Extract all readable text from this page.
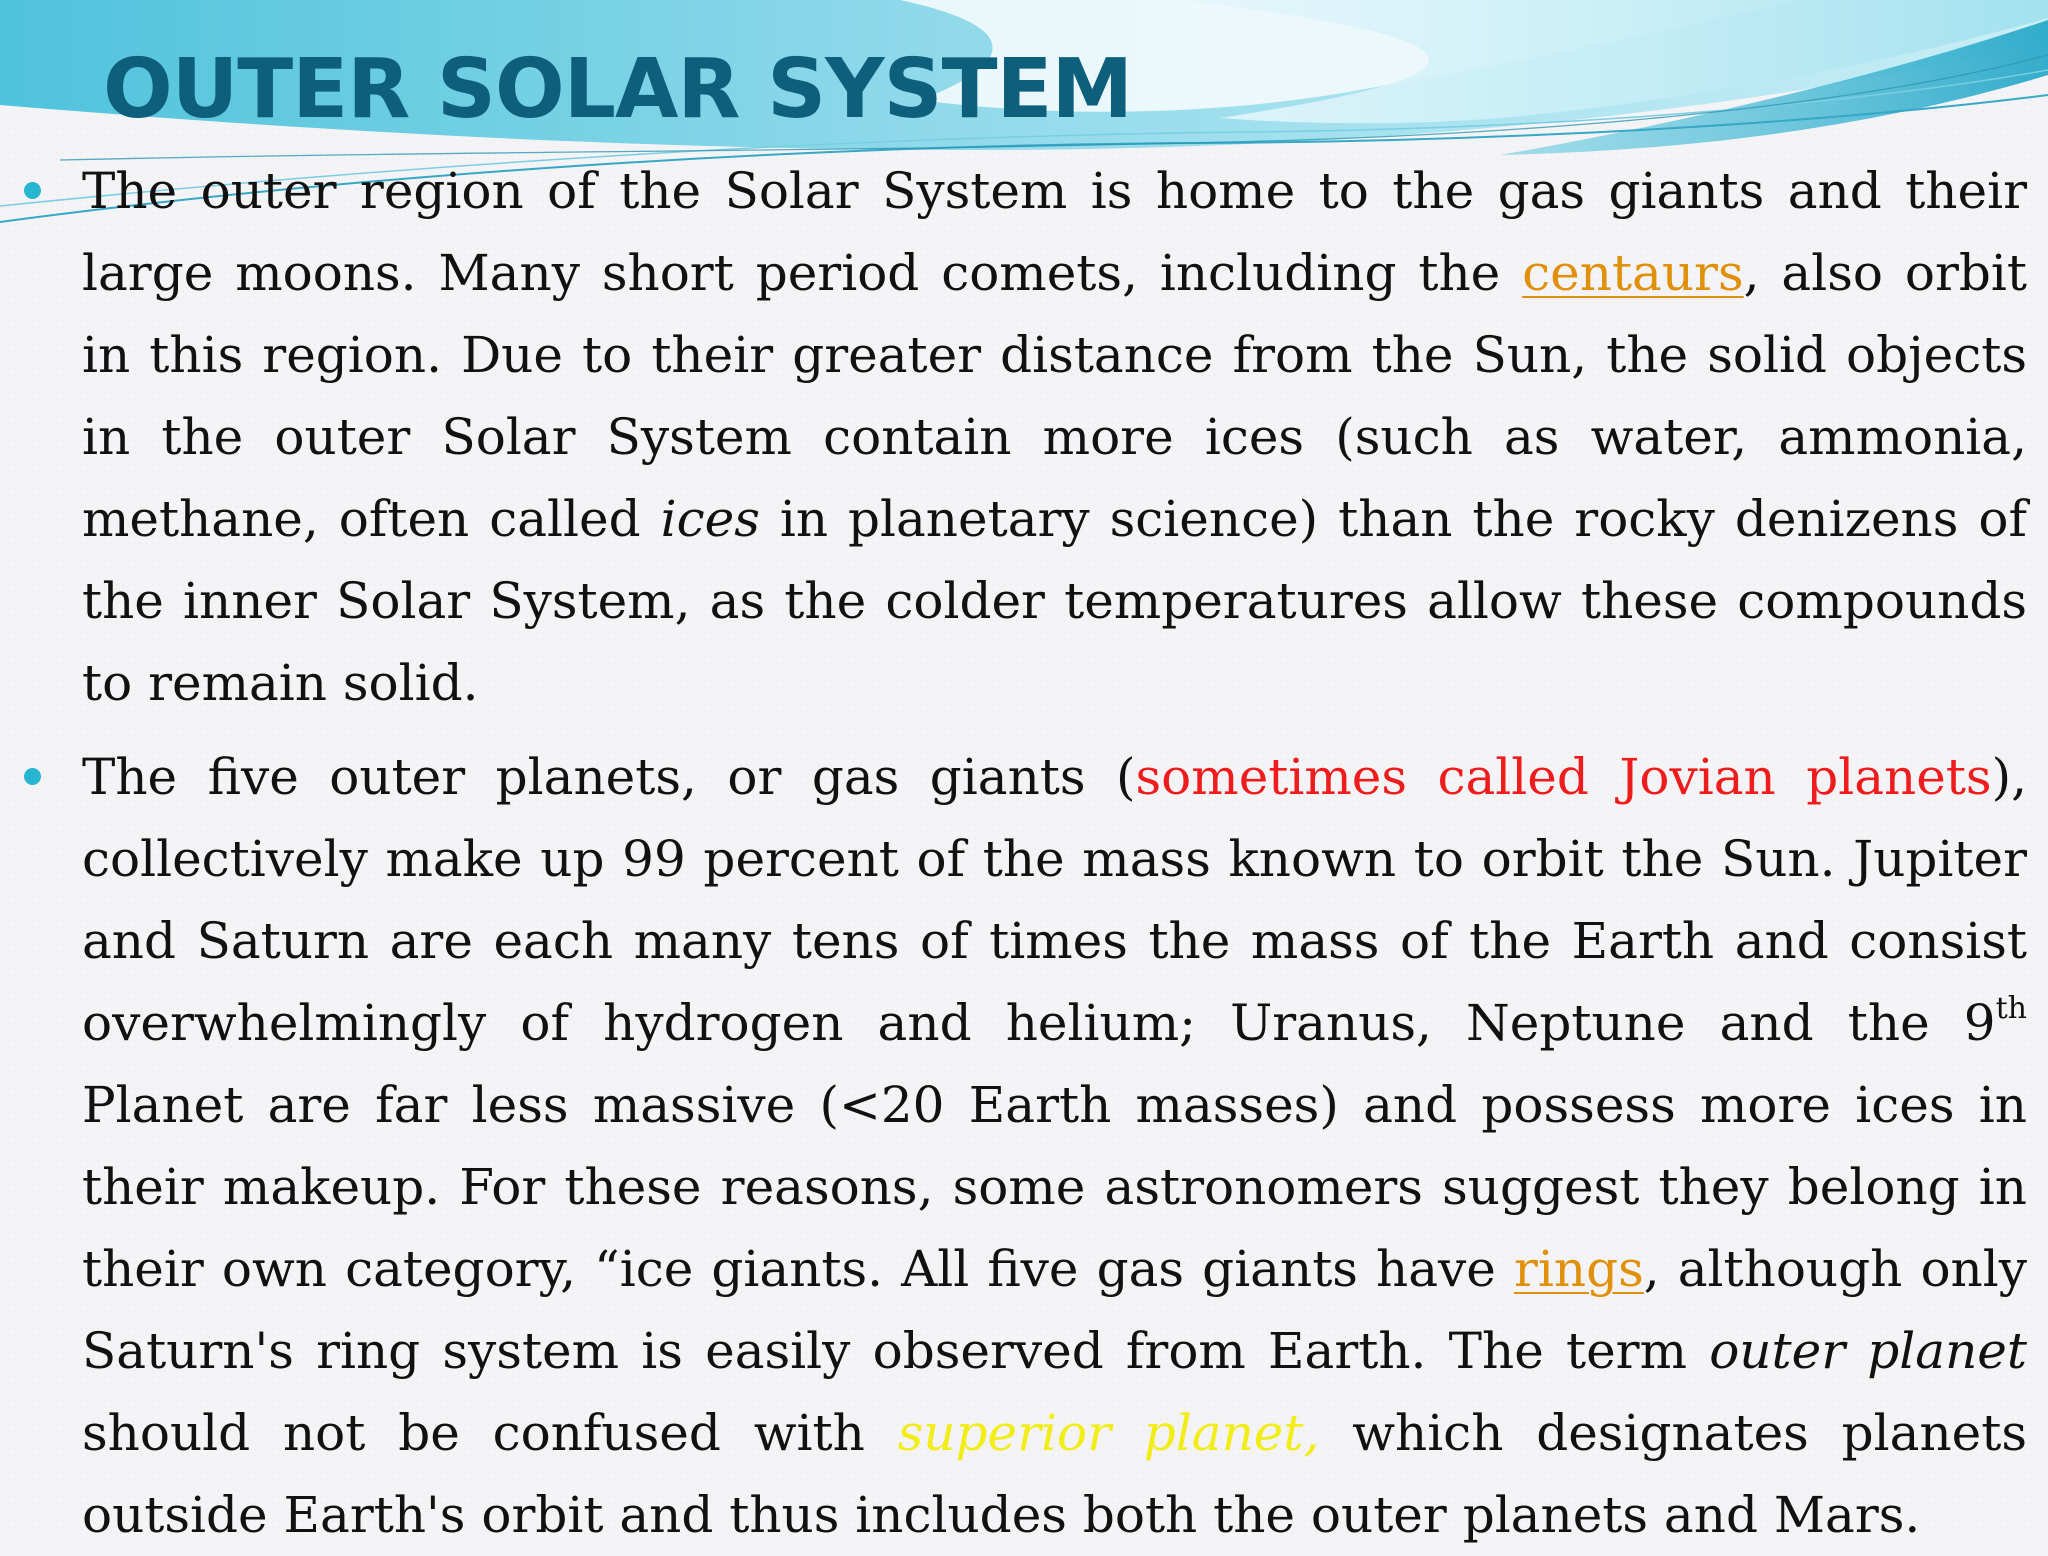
OUTER SOLAR SYSTEM
The outer region of the Solar System is home to the gas giants and their large moons. Many short period comets, including the centaurs, also orbit in this region. Due to their greater distance from the Sun, the solid objects in the outer Solar System contain more ices (such as water, ammonia, methane, often called ices in planetary science) than the rocky denizens of the inner Solar System, as the colder temperatures allow these compounds to remain solid.
The five outer planets, or gas giants (sometimes called Jovian planets), collectively make up 99 percent of the mass known to orbit the Sun. Jupiter and Saturn are each many tens of times the mass of the Earth and consist overwhelmingly of hydrogen and helium; Uranus, Neptune and the 9th Planet are far less massive (<20 Earth masses) and possess more ices in their makeup. For these reasons, some astronomers suggest they belong in their own category, “ice giants. All five gas giants have rings, although only Saturn's ring system is easily observed from Earth. The term outer planet should not be confused with superior planet, which designates planets outside Earth's orbit and thus includes both the outer planets and Mars.
